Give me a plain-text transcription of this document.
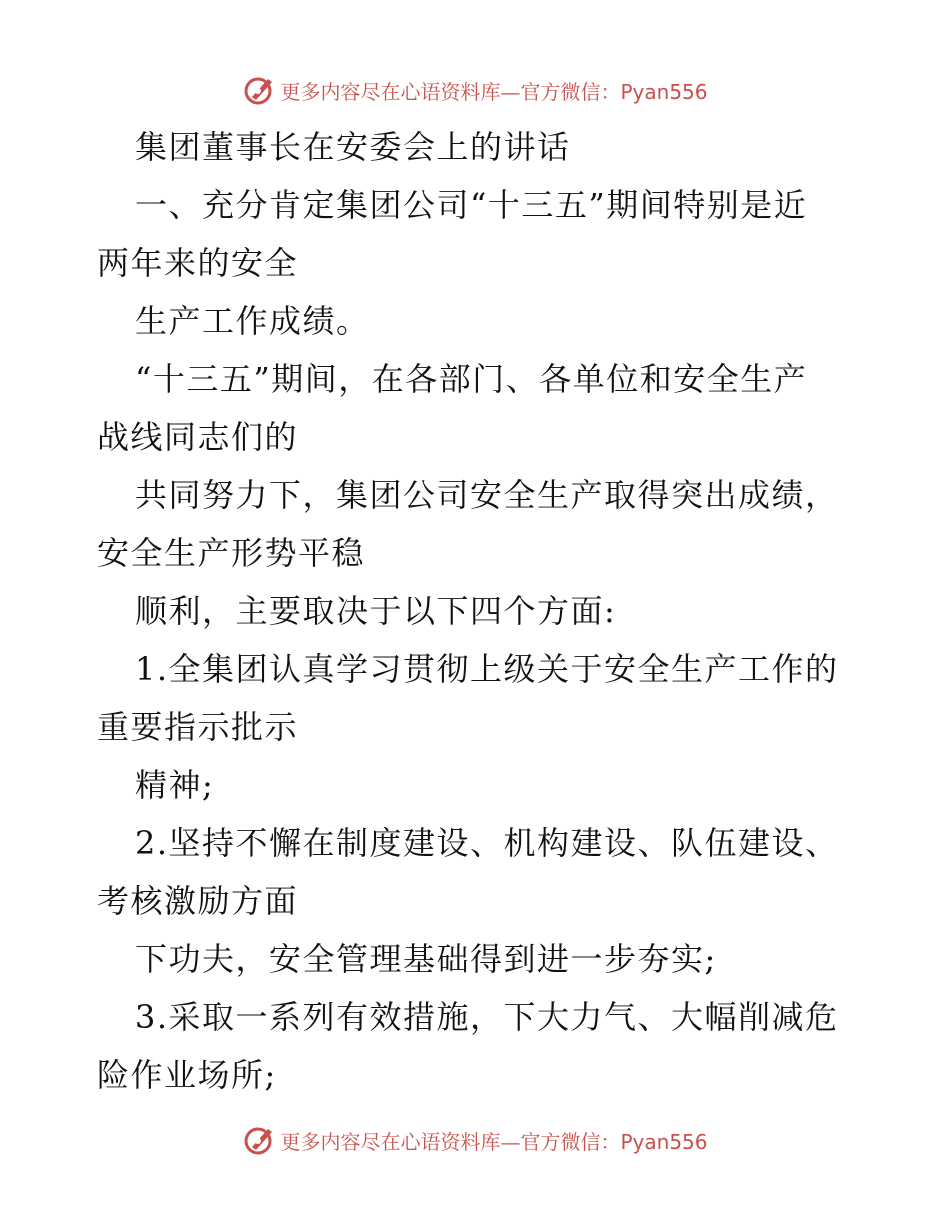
更多内容尽在心语资料库—官方微信：Pyan556
集团董事长在安委会上的讲话
一、充分肯定集团公司“十三五”期间特别是近
两年来的安全
生产工作成绩。
“十三五”期间，在各部门、各单位和安全生产
战线同志们的
共同努力下，集团公司安全生产取得突出成绩，
安全生产形势平稳
顺利，主要取决于以下四个方面:
1.全集团认真学习贯彻上级关于安全生产工作的
重要指示批示
精神;
2.坚持不懈在制度建设、机构建设、队伍建设、
考核激励方面
下功夫，安全管理基础得到进一步夯实;
3.采取一系列有效措施，下大力气、大幅削减危
险作业场所;
更多内容尽在心语资料库—官方微信：Pyan556
